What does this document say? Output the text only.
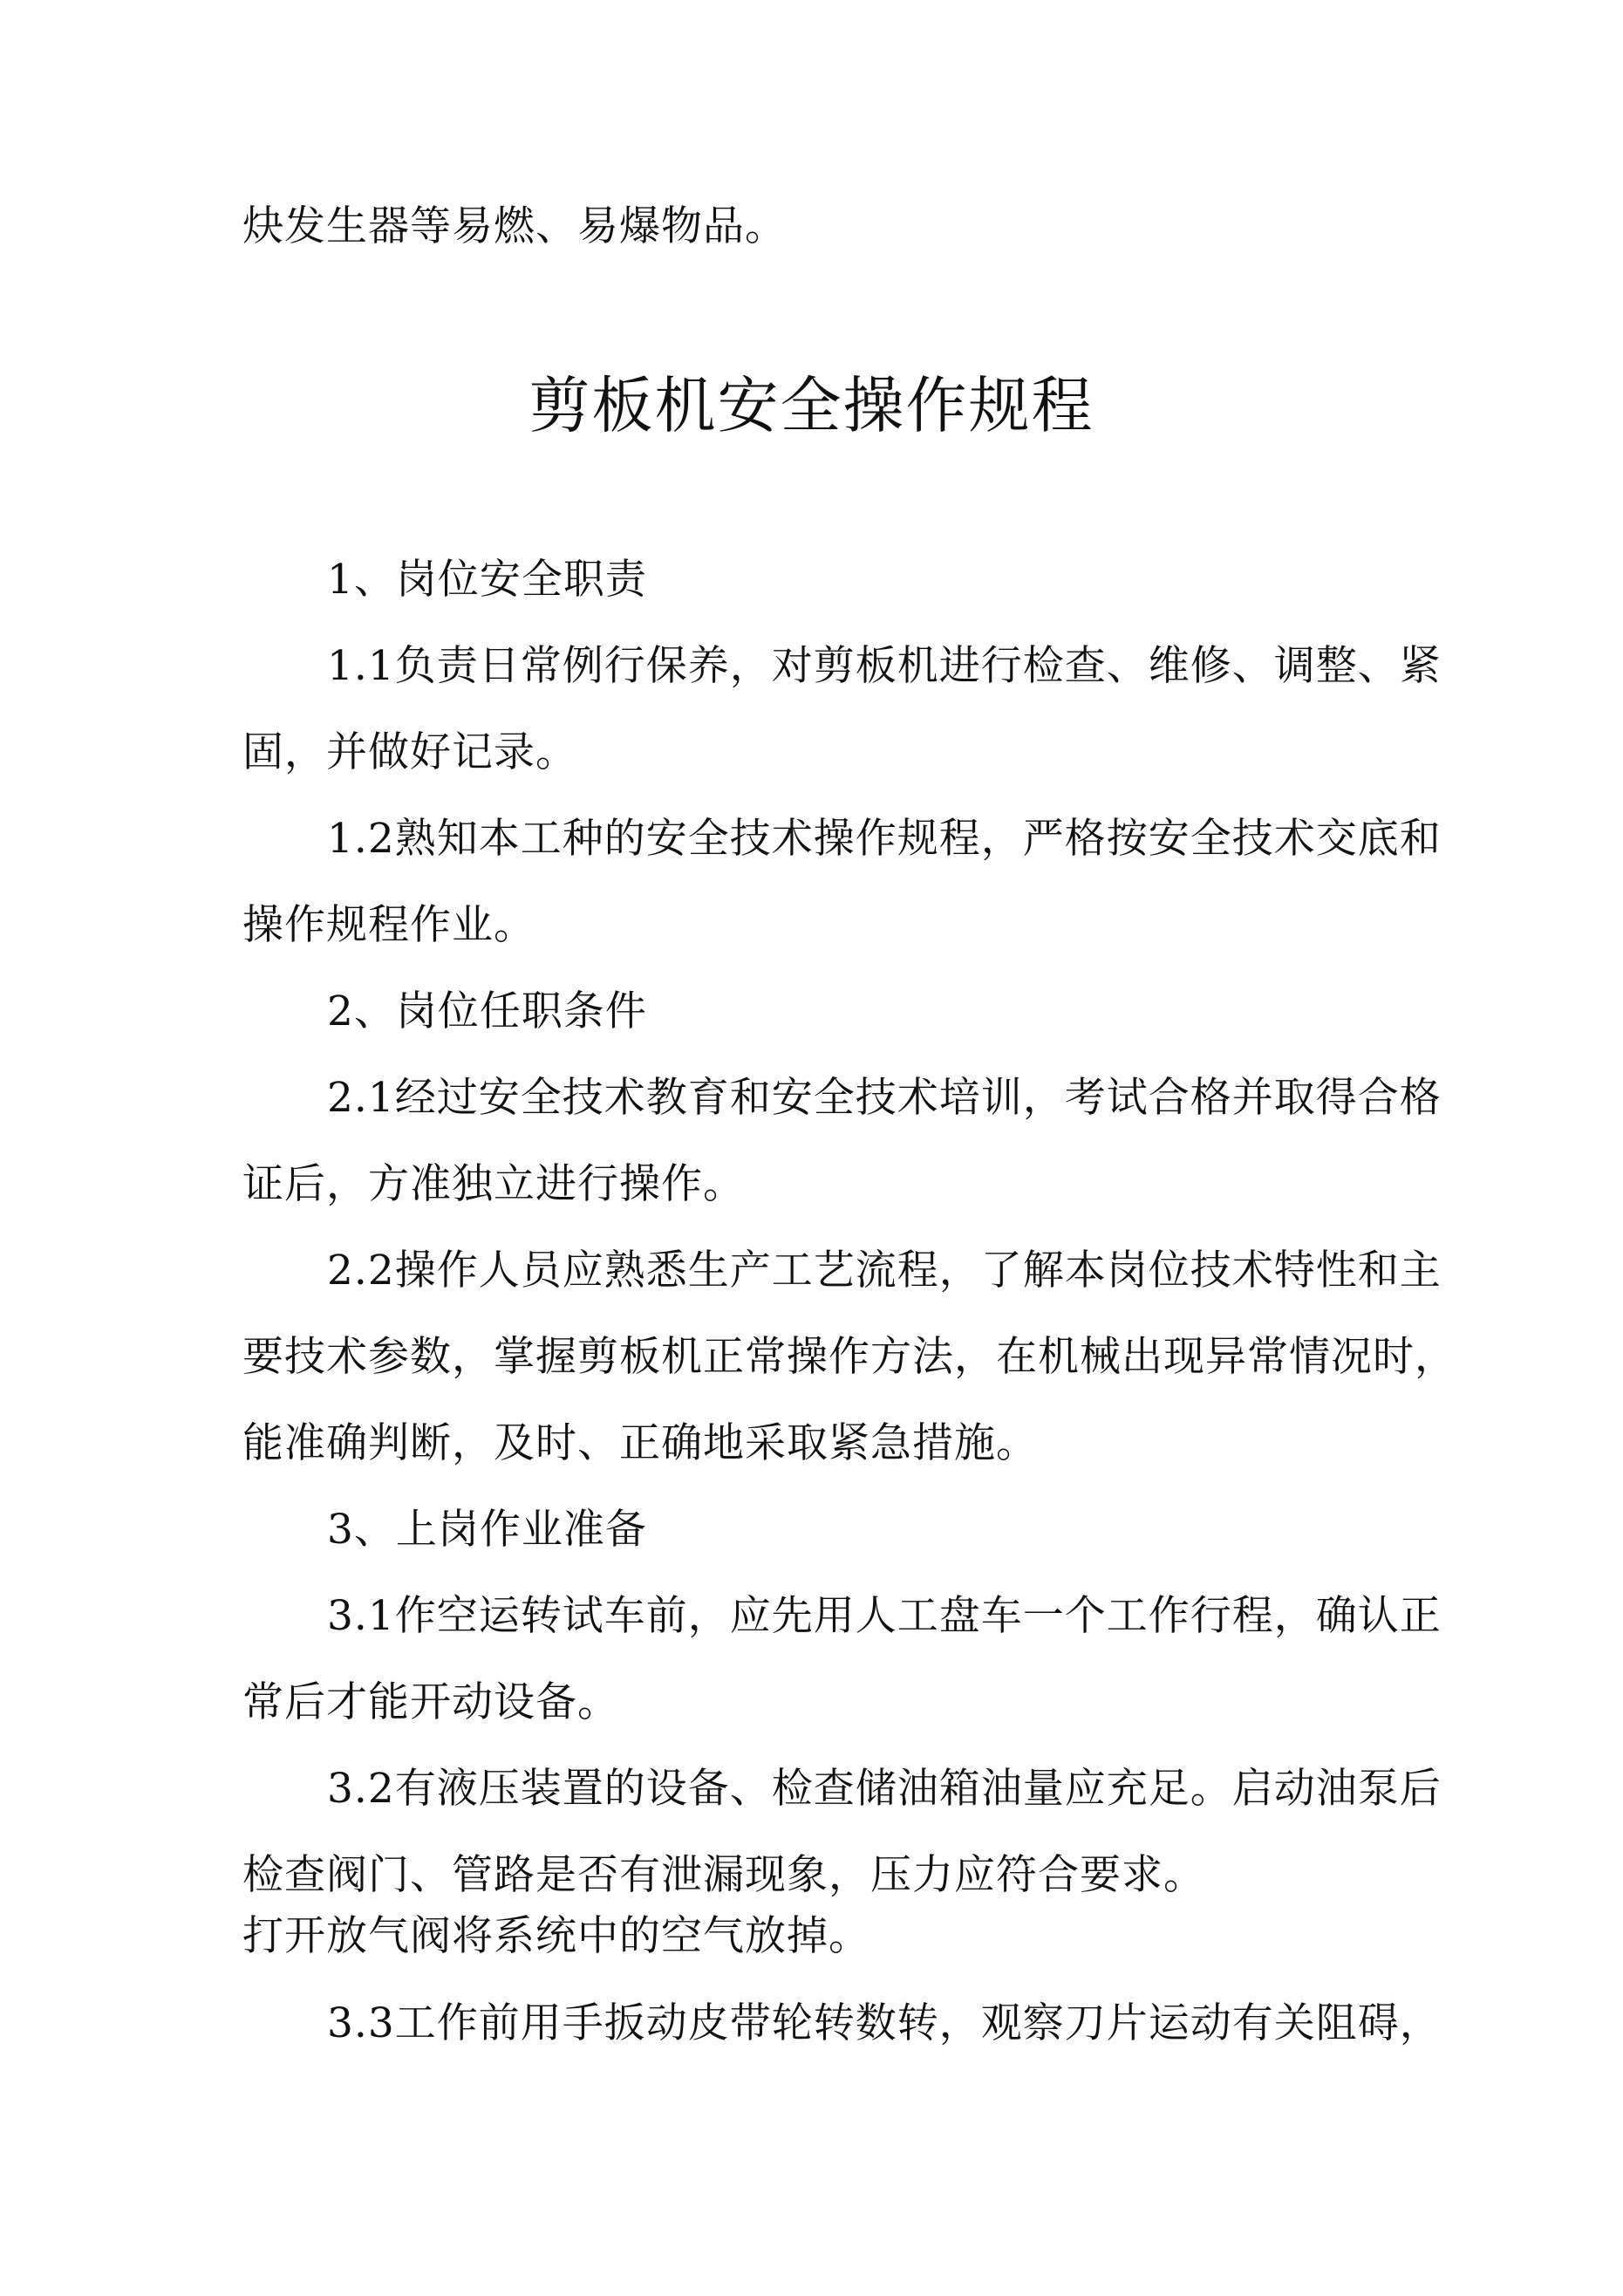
炔发生器等易燃、易爆物品。
剪板机安全操作规程
1、岗位安全职责
1.1负责日常例行保养，对剪板机进行检查、维修、调整、紧
固，并做好记录。
1.2熟知本工种的安全技术操作规程，严格按安全技术交底和
操作规程作业。
2、岗位任职条件
2.1经过安全技术教育和安全技术培训，考试合格并取得合格
证后，方准独立进行操作。
2.2操作人员应熟悉生产工艺流程，了解本岗位技术特性和主
要技术参数，掌握剪板机正常操作方法，在机械出现异常情况时，
能准确判断，及时、正确地采取紧急措施。
3、上岗作业准备
3.1作空运转试车前，应先用人工盘车一个工作行程，确认正
常后才能开动设备。
3.2有液压装置的设备、检查储油箱油量应充足。启动油泵后
检查阀门、管路是否有泄漏现象，压力应符合要求。
打开放气阀将系统中的空气放掉。
3.3工作前用手扳动皮带轮转数转，观察刀片运动有关阻碍，
